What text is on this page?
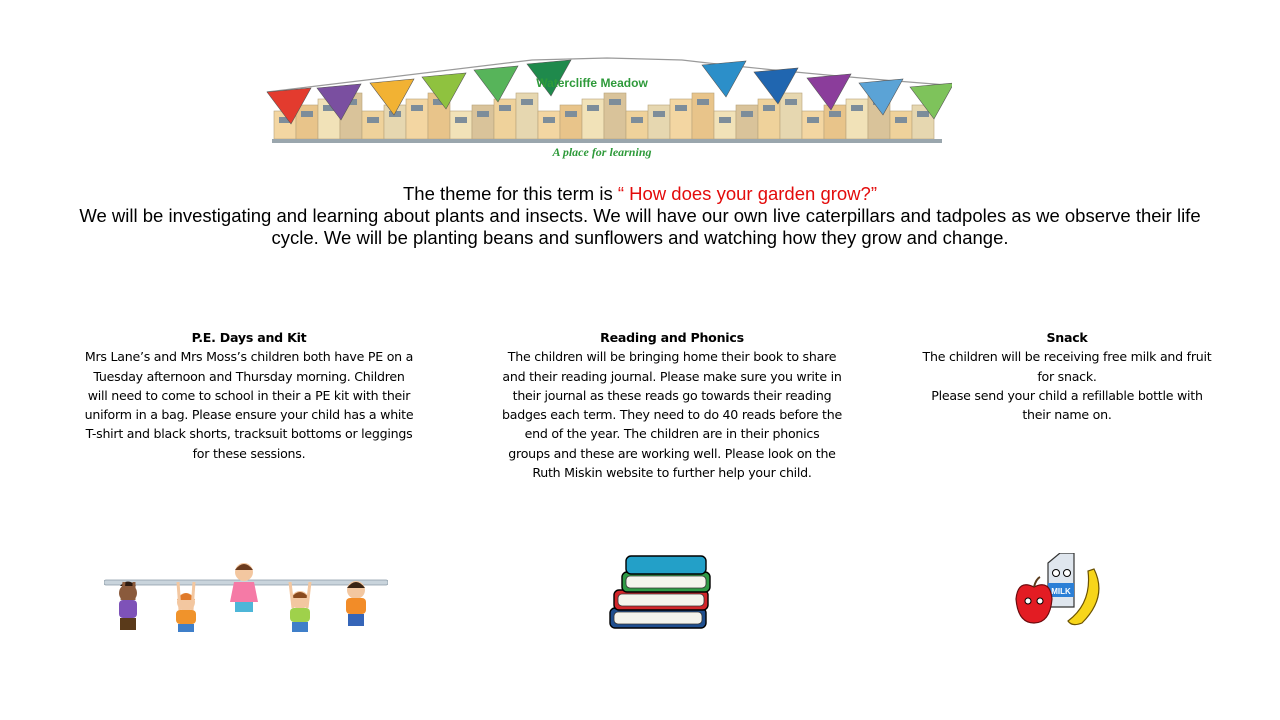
Watercliffe Meadow
A place for learning
The theme for this term is “ How does your garden grow?”
We will be investigating and learning about plants and insects. We will have our own live caterpillars and tadpoles as we observe their life cycle. We will be planting beans and sunflowers and watching how they grow and change.
P.E. Days and Kit

Mrs Lane’s and Mrs Moss’s children both have PE on a Tuesday afternoon and Thursday morning. Children will need to come to school in their a PE kit with their uniform in a bag. Please ensure your child has a white T-shirt and black shorts, tracksuit bottoms or leggings for these sessions.

Reading and Phonics

The children will be bringing home their book to share and their reading journal. Please make sure you write in their journal as these reads go towards their reading badges each term. They need to do 40 reads before the end of the year. The children are in their phonics groups and these are working well. Please look on the Ruth Miskin website to further help your child.

Snack

The children will be receiving free milk and fruit for snack.

Please send your child a refillable bottle with their name on.

MILK
